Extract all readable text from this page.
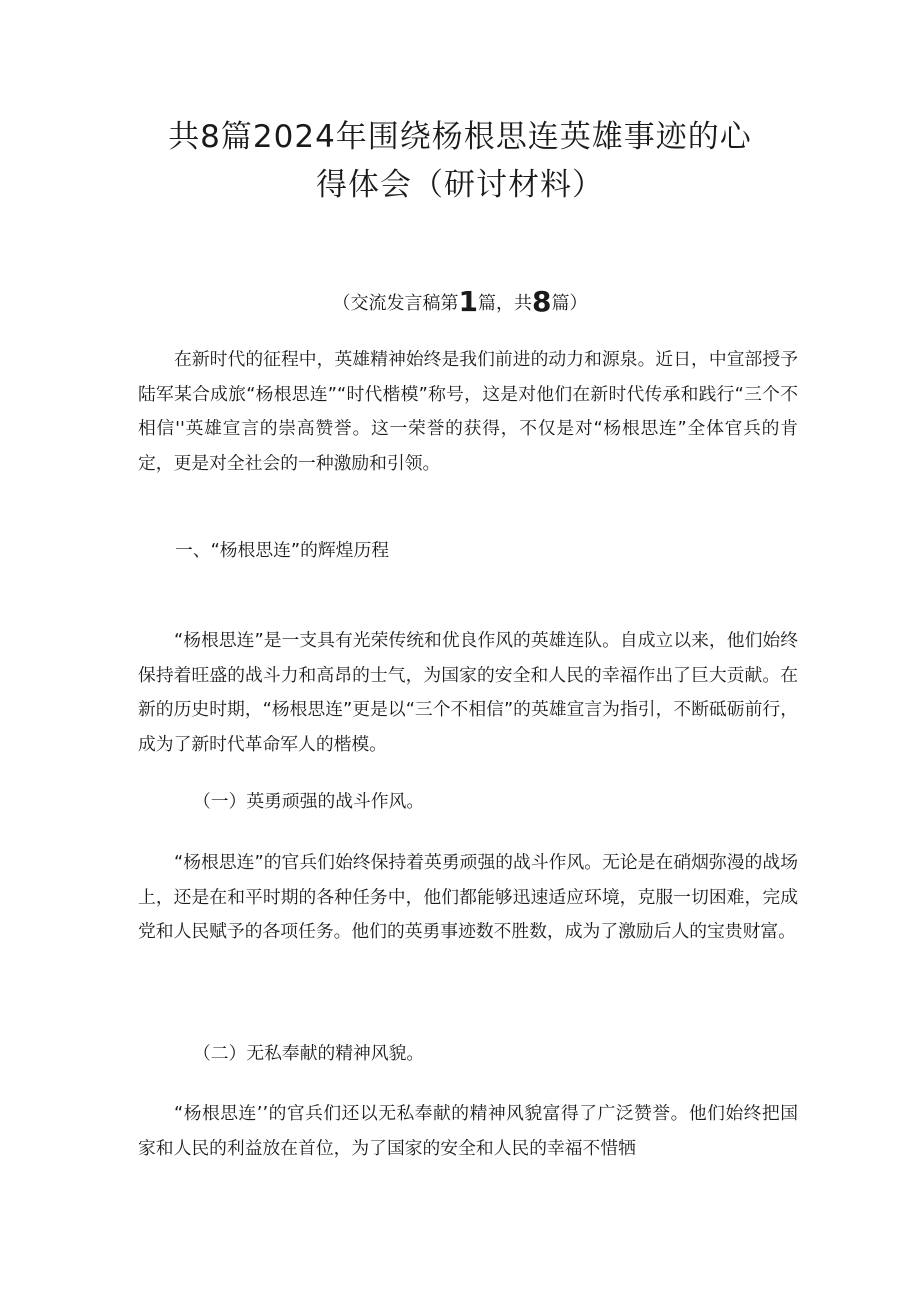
共8篇2024年围绕杨根思连英雄事迹的心
得体会（研讨材料）
（交流发言稿第1篇，共8篇）

在新时代的征程中，英雄精神始终是我们前进的动力和源泉。近日，中宣部授予陆军某合成旅“杨根思连”“时代楷模”称号，这是对他们在新时代传承和践行“三个不相信''英雄宣言的崇高赞誉。这一荣誉的获得，不仅是对“杨根思连”全体官兵的肯定，更是对全社会的一种激励和引领。

一、“杨根思连”的辉煌历程

“杨根思连”是一支具有光荣传统和优良作风的英雄连队。自成立以来，他们始终保持着旺盛的战斗力和高昂的士气，为国家的安全和人民的幸福作出了巨大贡献。在新的历史时期，“杨根思连”更是以“三个不相信”的英雄宣言为指引，不断砥砺前行，成为了新时代革命军人的楷模。

（一）英勇顽强的战斗作风。

“杨根思连”的官兵们始终保持着英勇顽强的战斗作风。无论是在硝烟弥漫的战场上，还是在和平时期的各种任务中，他们都能够迅速适应环境，克服一切困难，完成党和人民赋予的各项任务。他们的英勇事迹数不胜数，成为了激励后人的宝贵财富。

（二）无私奉献的精神风貌。

“杨根思连’’的官兵们还以无私奉献的精神风貌富得了广泛赞誉。他们始终把国家和人民的利益放在首位，为了国家的安全和人民的幸福不惜牺
